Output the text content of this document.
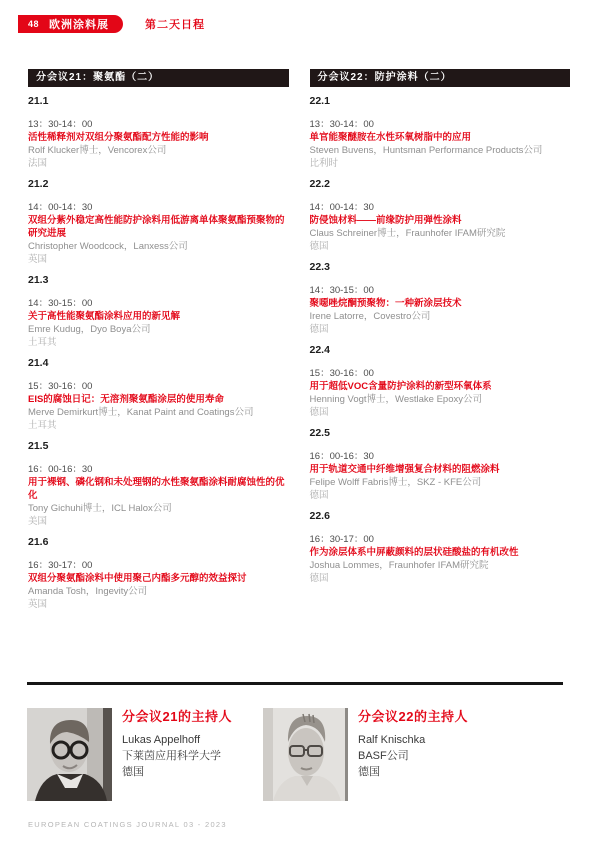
48 欧洲涂料展	第二天日程
分会议21：聚氨酯（二）
21.1
13：30-14：00
活性稀释剂对双组分聚氨酯配方性能的影响
Rolf Klucker博士，Vencorex公司
法国
21.2
14：00-14：30
双组分紫外稳定高性能防护涂料用低游离单体聚氨酯预聚物的研究进展
Christopher Woodcock，Lanxess公司
英国
21.3
14：30-15：00
关于高性能聚氨酯涂料应用的新见解
Emre Kudug，Dyo Boya公司
土耳其
21.4
15：30-16：00
EIS的腐蚀日记：无溶剂聚氨酯涂层的使用寿命
Merve Demirkurt博士，Kanat Paint and Coatings公司
土耳其
21.5
16：00-16：30
用于裸钢、磷化钢和未处理钢的水性聚氨酯涂料耐腐蚀性的优化
Tony Gichuhi博士，ICL Halox公司
美国
21.6
16：30-17：00
双组分聚氨酯涂料中使用聚己内酯多元醇的效益探讨
Amanda Tosh，Ingevity公司
英国
分会议22：防护涂料（二）
22.1
13：30-14：00
单官能聚醚胺在水性环氧树脂中的应用
Steven Buvens，Huntsman Performance Products公司
比利时
22.2
14：00-14：30
防侵蚀材料——前缘防护用弹性涂料
Claus Schreiner博士，Fraunhofer IFAM研究院
德国
22.3
14：30-15：00
聚噁唑烷酮预聚物：一种新涂层技术
Irene Latorre，Covestro公司
德国
22.4
15：30-16：00
用于超低VOC含量防护涂料的新型环氧体系
Henning Vogt博士，Westlake Epoxy公司
德国
22.5
16：00-16：30
用于轨道交通中纤维增强复合材料的阻燃涂料
Felipe Wolff Fabris博士，SKZ - KFE公司
德国
22.6
16：30-17：00
作为涂层体系中屏蔽颜料的层状硅酸盐的有机改性
Joshua Lommes，Fraunhofer IFAM研究院
德国
分会议21的主持人
Lukas Appelhoff
下莱茵应用科学大学
德国
分会议22的主持人
Ralf Knischka
BASF公司
德国
EUROPEAN COATINGS JOURNAL 03 - 2023
